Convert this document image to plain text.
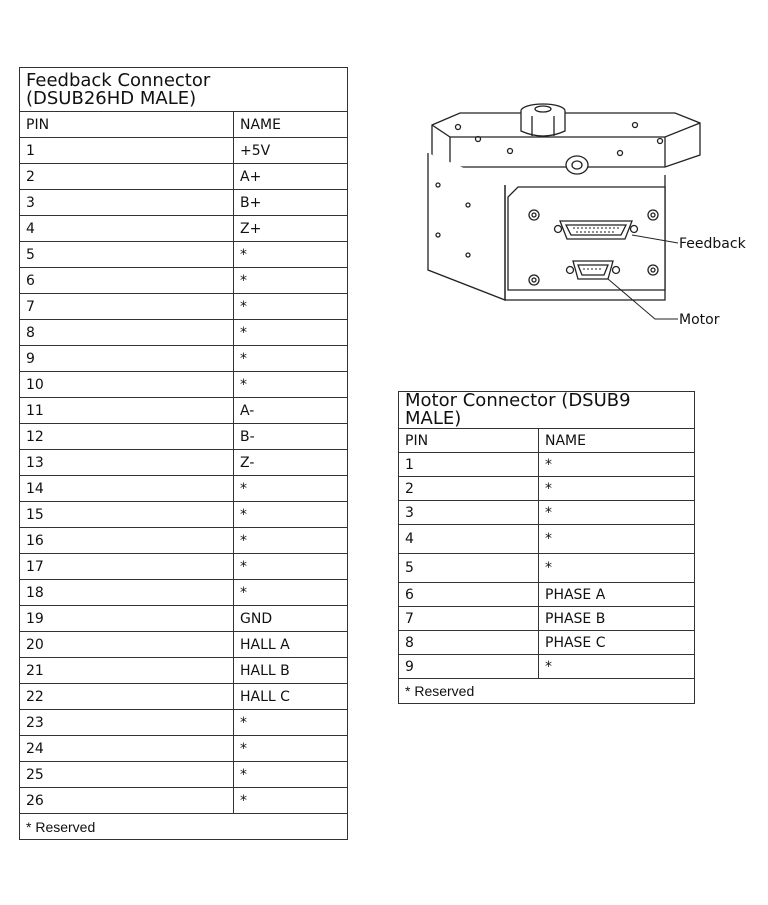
Feedback Connector
(DSUB26HD MALE)	

PIN	NAME
1	+5V
2	A+
3	B+
4	Z+
5	*
6	*
7	*
8	*
9	*
10	*
11	A-
12	B-
13	Z-
14	*
15	*
16	*
17	*
18	*
19	GND
20	HALL A
21	HALL B
22	HALL C
23	*
24	*
25	*
26	*
* Reserved	
Feedback
Motor
Motor Connector (DSUB9 MALE)	
PIN	NAME
1	*
2	*
3	*
4	*
5	*
6	PHASE A
7	PHASE B
8	PHASE C
9	*
* Reserved	
